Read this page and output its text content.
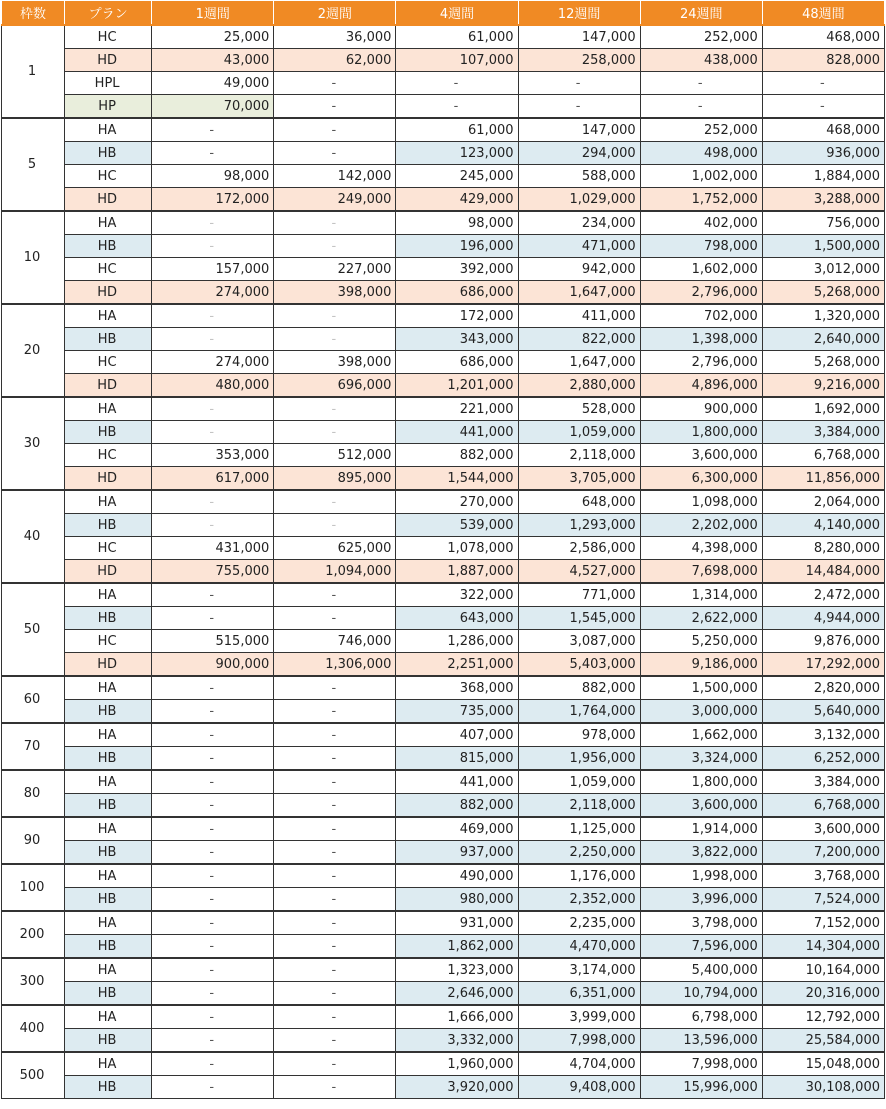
枠数	プラン	1週間	2週間	4週間	12週間	24週間	48週間
1	HC	25,000	36,000	61,000	147,000	252,000	468,000
	HD	43,000	62,000	107,000	258,000	438,000	828,000
	HPL	49,000	-	-	-	-	-
	HP	70,000	-	-	-	-	-
5	HA	-	-	61,000	147,000	252,000	468,000
	HB	-	-	123,000	294,000	498,000	936,000
	HC	98,000	142,000	245,000	588,000	1,002,000	1,884,000
	HD	172,000	249,000	429,000	1,029,000	1,752,000	3,288,000
10	HA	-	-	98,000	234,000	402,000	756,000
	HB	-	-	196,000	471,000	798,000	1,500,000
	HC	157,000	227,000	392,000	942,000	1,602,000	3,012,000
	HD	274,000	398,000	686,000	1,647,000	2,796,000	5,268,000
20	HA	-	-	172,000	411,000	702,000	1,320,000
	HB	-	-	343,000	822,000	1,398,000	2,640,000
	HC	274,000	398,000	686,000	1,647,000	2,796,000	5,268,000
	HD	480,000	696,000	1,201,000	2,880,000	4,896,000	9,216,000
30	HA	-	-	221,000	528,000	900,000	1,692,000
	HB	-	-	441,000	1,059,000	1,800,000	3,384,000
	HC	353,000	512,000	882,000	2,118,000	3,600,000	6,768,000
	HD	617,000	895,000	1,544,000	3,705,000	6,300,000	11,856,000
40	HA	-	-	270,000	648,000	1,098,000	2,064,000
	HB	-	-	539,000	1,293,000	2,202,000	4,140,000
	HC	431,000	625,000	1,078,000	2,586,000	4,398,000	8,280,000
	HD	755,000	1,094,000	1,887,000	4,527,000	7,698,000	14,484,000
50	HA	-	-	322,000	771,000	1,314,000	2,472,000
	HB	-	-	643,000	1,545,000	2,622,000	4,944,000
	HC	515,000	746,000	1,286,000	3,087,000	5,250,000	9,876,000
	HD	900,000	1,306,000	2,251,000	5,403,000	9,186,000	17,292,000
60	HA	-	-	368,000	882,000	1,500,000	2,820,000
	HB	-	-	735,000	1,764,000	3,000,000	5,640,000
70	HA	-	-	407,000	978,000	1,662,000	3,132,000
	HB	-	-	815,000	1,956,000	3,324,000	6,252,000
80	HA	-	-	441,000	1,059,000	1,800,000	3,384,000
	HB	-	-	882,000	2,118,000	3,600,000	6,768,000
90	HA	-	-	469,000	1,125,000	1,914,000	3,600,000
	HB	-	-	937,000	2,250,000	3,822,000	7,200,000
100	HA	-	-	490,000	1,176,000	1,998,000	3,768,000
	HB	-	-	980,000	2,352,000	3,996,000	7,524,000
200	HA	-	-	931,000	2,235,000	3,798,000	7,152,000
	HB	-	-	1,862,000	4,470,000	7,596,000	14,304,000
300	HA	-	-	1,323,000	3,174,000	5,400,000	10,164,000
	HB	-	-	2,646,000	6,351,000	10,794,000	20,316,000
400	HA	-	-	1,666,000	3,999,000	6,798,000	12,792,000
	HB	-	-	3,332,000	7,998,000	13,596,000	25,584,000
500	HA	-	-	1,960,000	4,704,000	7,998,000	15,048,000
	HB	-	-	3,920,000	9,408,000	15,996,000	30,108,000
